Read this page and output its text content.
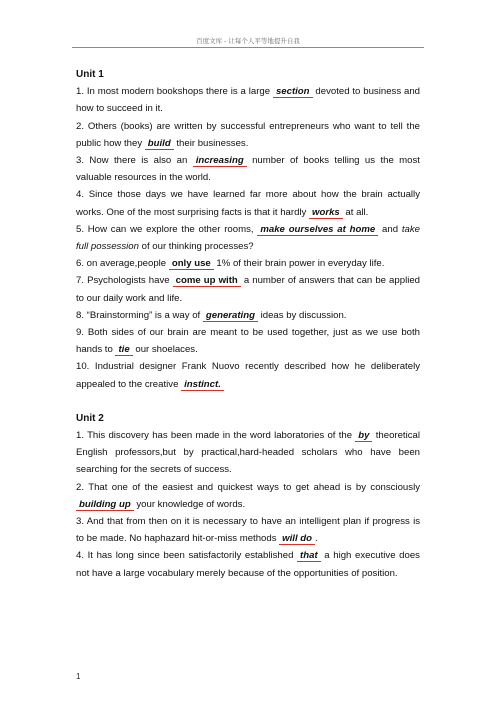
百度文库 - 让每个人平等地提升自我

Unit 1

1. In most modern bookshops there is a large section devoted to business and how to succeed in it.

2. Others (books) are written by successful entrepreneurs who want to tell the public how they build their businesses.

3. Now there is also an increasing number of books telling us the most valuable resources in the world.

4. Since those days we have learned far more about how the brain actually works. One of the most surprising facts is that it hardly works at all.

5. How can we explore the other rooms, make ourselves at home and take full possession of our thinking processes?

6. on average,people only use 1% of their brain power in everyday life.

7. Psychologists have come up with a number of answers that can be applied to our daily work and life.

8. “Brainstorming” is a way of generating ideas by discussion.

9. Both sides of our brain are meant to be used together, just as we use both hands to tie our shoelaces.

10. Industrial designer Frank Nuovo recently described how he deliberately appealed to the creative instinct.

Unit 2

1. This discovery has been made in the word laboratories of the by theoretical English professors,but by practical,hard-headed scholars who have been searching for the secrets of success.

2. That one of the easiest and quickest ways to get ahead is by consciously building up your knowledge of words.

3. And that from then on it is necessary to have an intelligent plan if progress is to be made. No haphazard hit-or-miss methods will do .

4. It has long since been satisfactorily established that a high executive does not have a large vocabulary merely because of the opportunities of position.

1
